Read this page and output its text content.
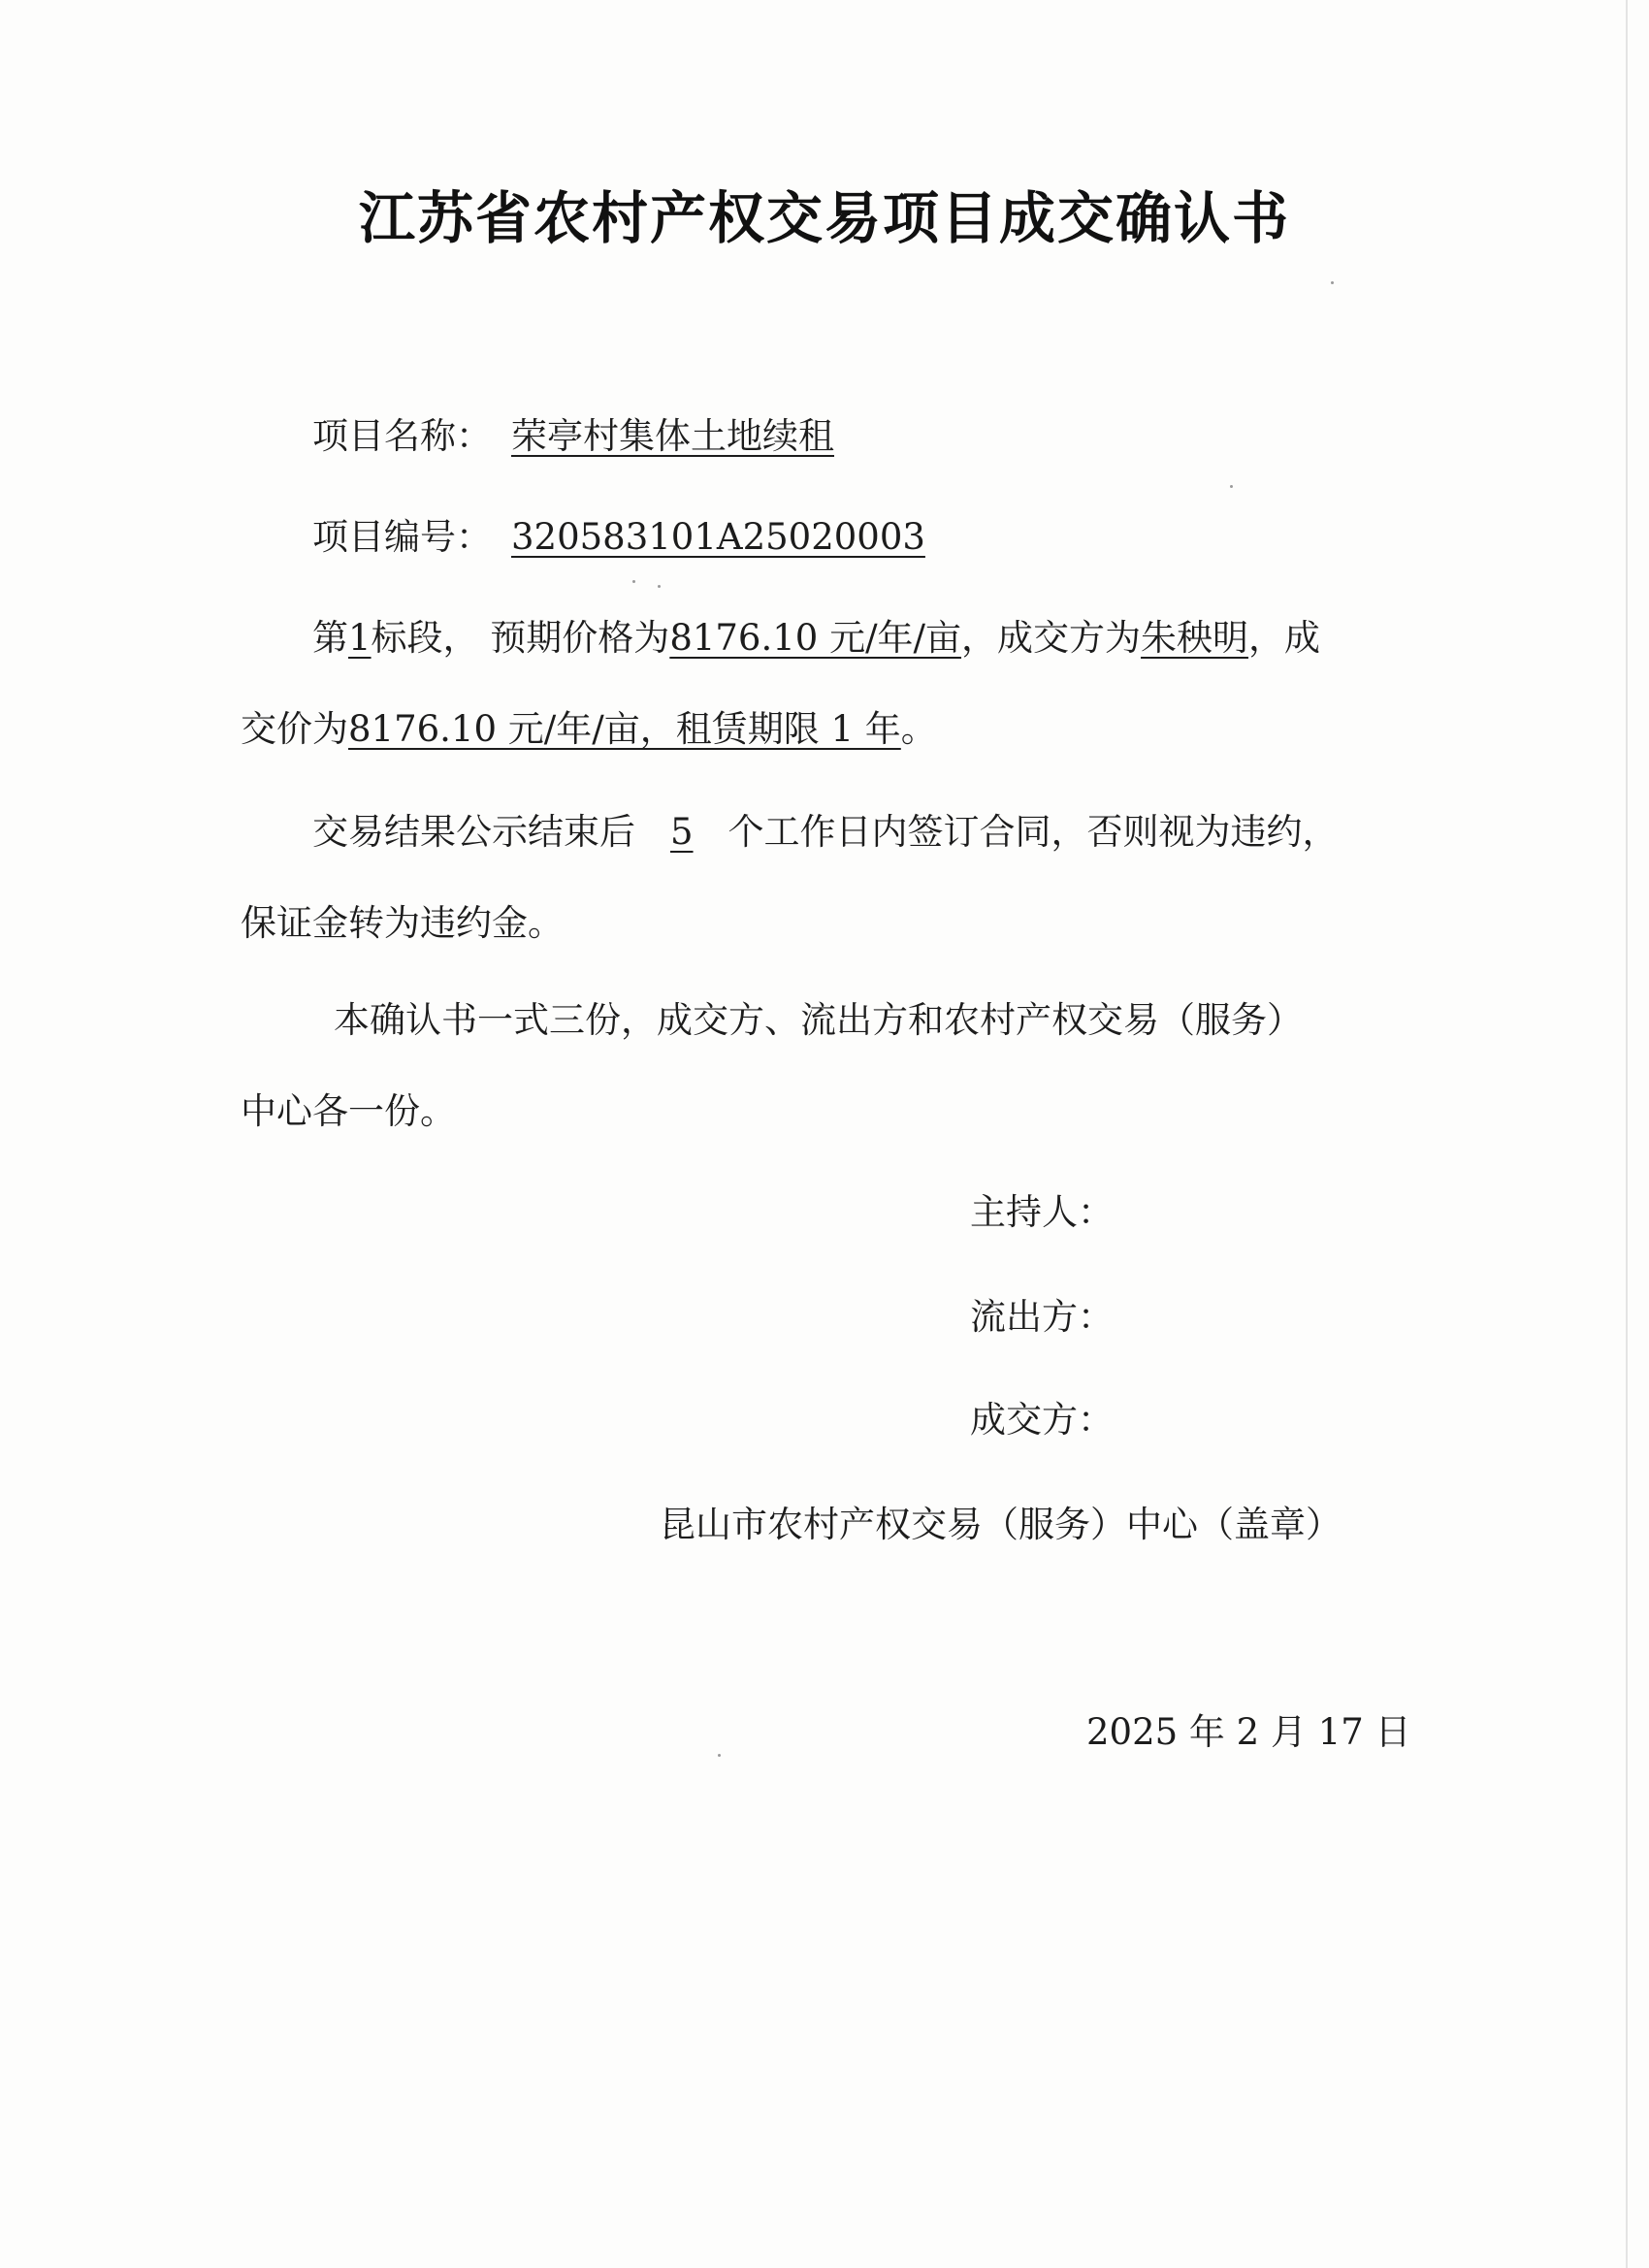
江苏省农村产权交易项目成交确认书
项目名称： 荣亭村集体土地续租
项目编号： 320583101A25020003
第1标段， 预期价格为8176.10 元/年/亩，成交方为朱秧明，成
交价为8176.10 元/年/亩，租赁期限 1 年。
交易结果公示结束后 5 个工作日内签订合同，否则视为违约，
保证金转为违约金。
本确认书一式三份，成交方、流出方和农村产权交易（服务）
中心各一份。
主持人：
流出方：
成交方：
昆山市农村产权交易（服务）中心（盖章）
2025 年 2 月 17 日
